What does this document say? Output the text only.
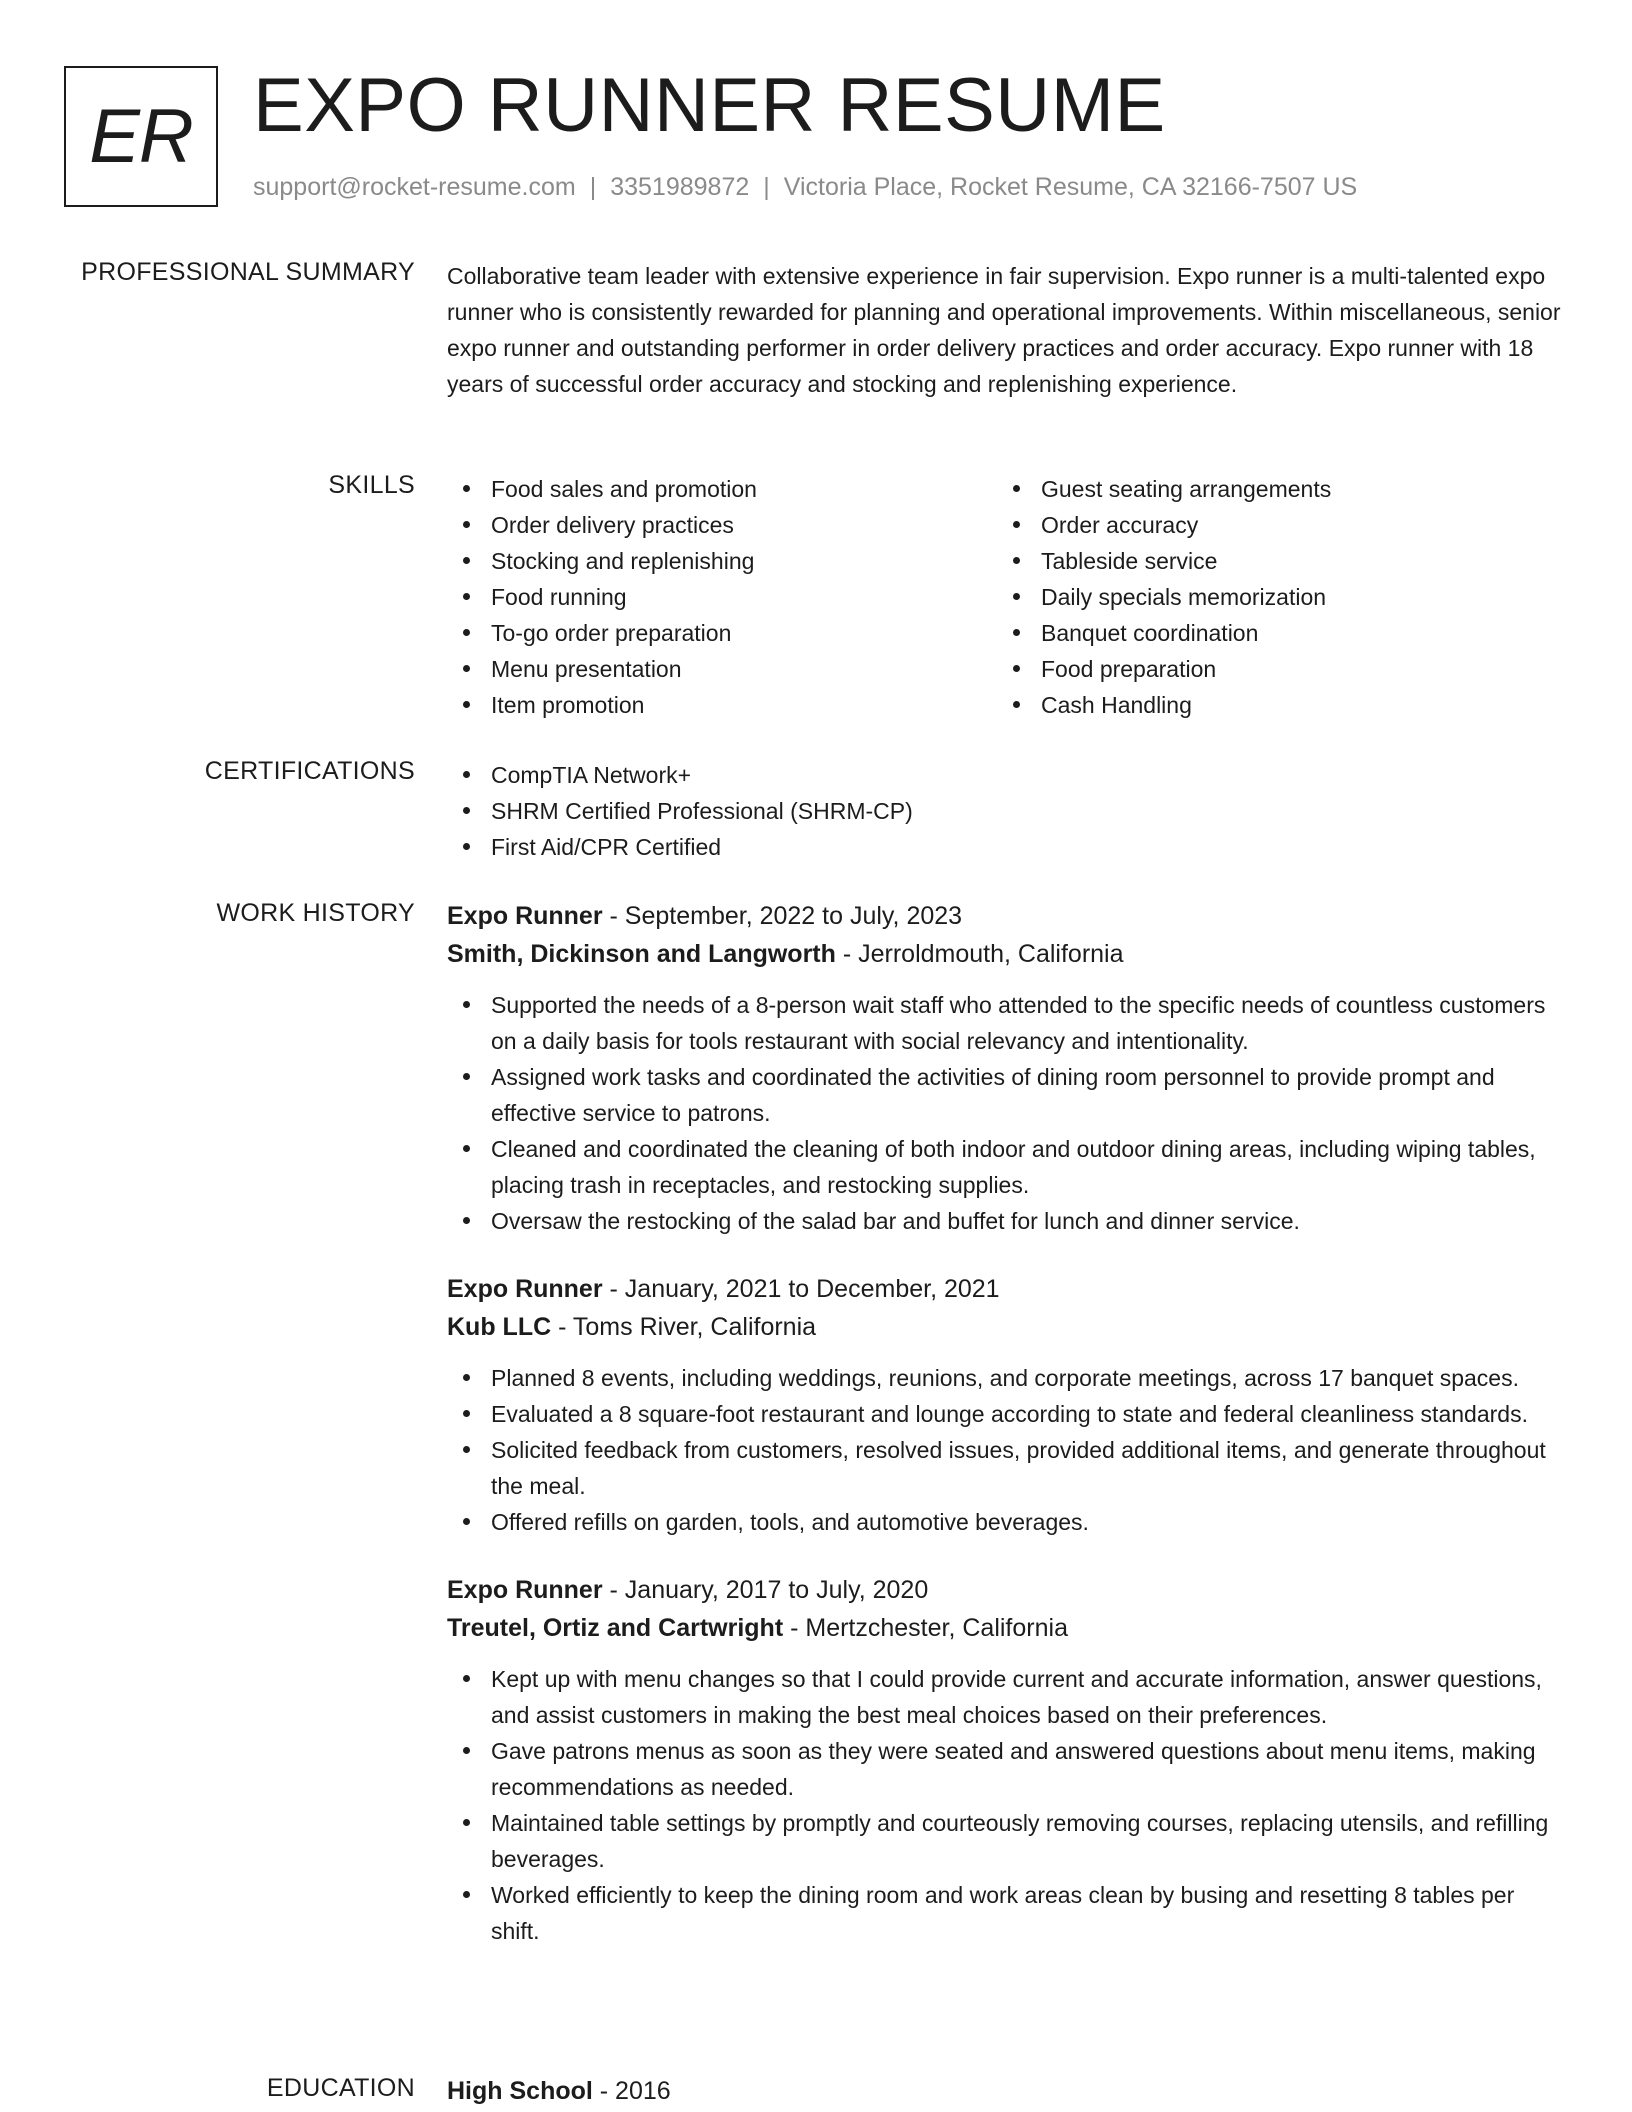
ER EXPO RUNNER RESUME
support@rocket-resume.com | 3351989872 | Victoria Place, Rocket Resume, CA 32166-7507 US
PROFESSIONAL SUMMARY Collaborative team leader with extensive experience in fair supervision. Expo runner is a multi-talented expo runner who is consistently rewarded for planning and operational improvements. Within miscellaneous, senior expo runner and outstanding performer in order delivery practices and order accuracy. Expo runner with 18 years of successful order accuracy and stocking and replenishing experience.

SKILLS	Food sales and promotion
Order delivery practices
Stocking and replenishing
Food running
To-go order preparation
Menu presentation
Item promotion
Guest seating arrangements
Order accuracy
Tableside service
Daily specials memorization
Banquet coordination
Food preparation
Cash Handling
CERTIFICATIONS	CompTIA Network+
SHRM Certified Professional (SHRM-CP)
First Aid/CPR Certified
WORK HISTORY Expo Runner - September, 2022 to July, 2023
Smith, Dickinson and Langworth - Jerroldmouth, California
Supported the needs of a 8-person wait staff who attended to the specific needs of countless customers on a daily basis for tools restaurant with social relevancy and intentionality.
Assigned work tasks and coordinated the activities of dining room personnel to provide prompt and effective service to patrons.
Cleaned and coordinated the cleaning of both indoor and outdoor dining areas, including wiping tables, placing trash in receptacles, and restocking supplies.
Oversaw the restocking of the salad bar and buffet for lunch and dinner service.
Expo Runner - January, 2021 to December, 2021
Kub LLC - Toms River, California
Planned 8 events, including weddings, reunions, and corporate meetings, across 17 banquet spaces.
Evaluated a 8 square-foot restaurant and lounge according to state and federal cleanliness standards.
Solicited feedback from customers, resolved issues, provided additional items, and generate throughout the meal.
Offered refills on garden, tools, and automotive beverages.
Expo Runner - January, 2017 to July, 2020
Treutel, Ortiz and Cartwright - Mertzchester, California
Kept up with menu changes so that I could provide current and accurate information, answer questions, and assist customers in making the best meal choices based on their preferences.
Gave patrons menus as soon as they were seated and answered questions about menu items, making recommendations as needed.
Maintained table settings by promptly and courteously removing courses, replacing utensils, and refilling beverages.
Worked efficiently to keep the dining room and work areas clean by busing and resetting 8 tables per shift.
EDUCATION High School - 2016
